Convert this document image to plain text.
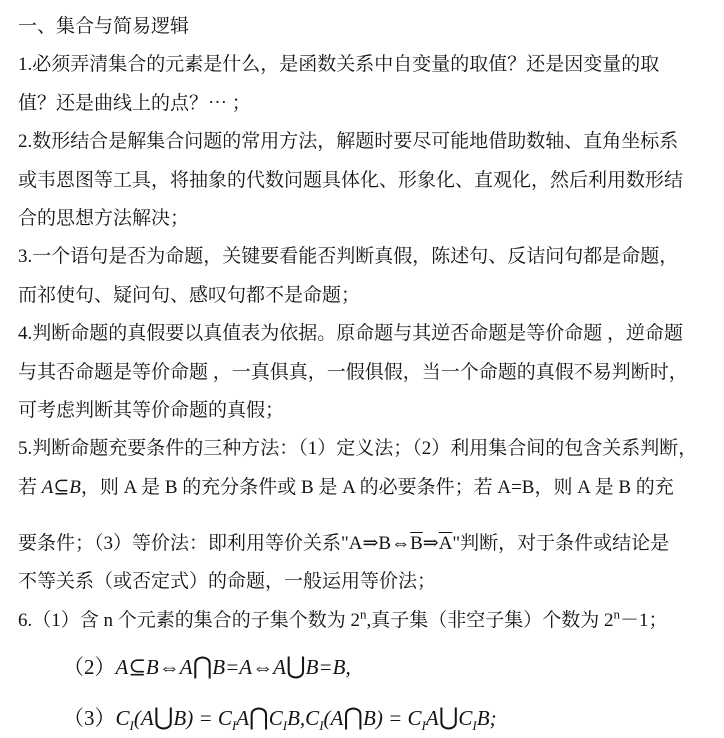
一、集合与简易逻辑
1.必须弄清集合的元素是什么，是函数关系中自变量的取值？还是因变量的取
值？还是曲线上的点？⋯ ；
2.数形结合是解集合问题的常用方法，解题时要尽可能地借助数轴、直角坐标系
或韦恩图等工具，将抽象的代数问题具体化、形象化、直观化，然后利用数形结
合的思想方法解决；
3.一个语句是否为命题，关键要看能否判断真假，陈述句、反诘问句都是命题，
而祁使句、疑问句、感叹句都不是命题；
4.判断命题的真假要以真值表为依据。原命题与其逆否命题是等价命题 ，逆命题
与其否命题是等价命题 ，一真俱真，一假俱假，当一个命题的真假不易判断时，
可考虑判断其等价命题的真假；
5.判断命题充要条件的三种方法：（1）定义法；（2）利用集合间的包含关系判断，
若 A⊆B，则 A 是 B 的充分条件或 B 是 A 的必要条件；若 A=B，则 A 是 B 的充
要条件；（3）等价法：即利用等价关系"$A\Rightarrow B\Leftrightarrow\overline{B}\Rightarrow\overline{A}$"判断，对于条件或结论是
不等关系（或否定式）的命题，一般运用等价法；
6.（1）含 n 个元素的集合的子集个数为 2$^n$,真子集（非空子集）个数为 $2^n-1$；
（2）A⊆B⇔A⋂B=A⇔A⋃B=B,
$(3)C_I(A⋃B)$ = $C_IA⋂C_IB,C_I(A⋂B)$ = $C_IA⋃C_IB$;
